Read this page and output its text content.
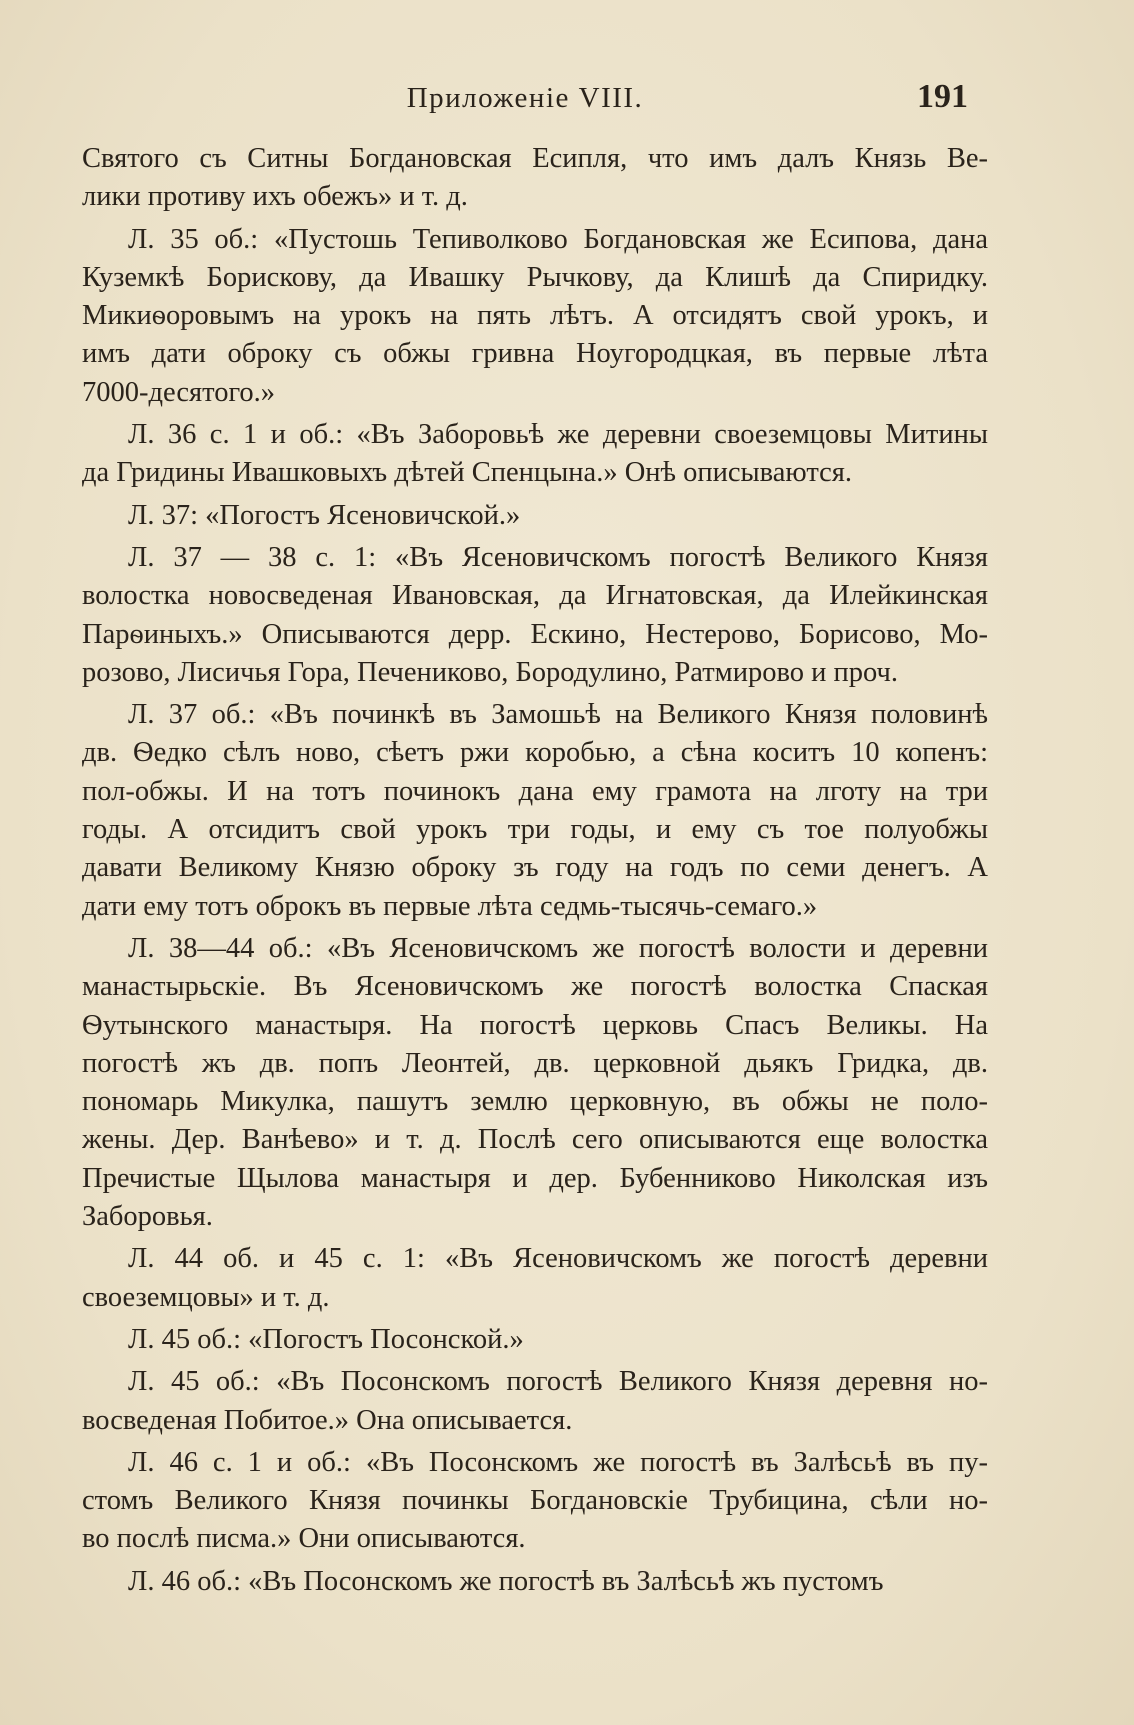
Приложеніе VIII.	191
Святого съ Ситны Богдановская Есипля, что имъ далъ Князь Ве-
лики противу ихъ обежъ» и т. д.
Л. 35 об.: «Пустошь Тепиволково Богдановская же Есипова, дана
Куземкѣ Борискову, да Ивашку Рычкову, да Клишѣ да Спиридку.
Микиѳоровымъ на урокъ на пять лѣтъ. А отсидятъ свой урокъ, и
имъ дати оброку съ обжы гривна Ноугородцкая, въ первые лѣта
7000-десятого.»
Л. 36 с. 1 и об.: «Въ Заборовьѣ же деревни своеземцовы Митины
да Гридины Ивашковыхъ дѣтей Спенцына.» Онѣ описываются.
Л. 37: «Погостъ Ясеновичской.»
Л. 37 — 38 с. 1: «Въ Ясеновичскомъ погостѣ Великого Князя
волостка новосведеная Ивановская, да Игнатовская, да Илейкинская
Парѳиныхъ.» Описываются дерр. Ескино, Нестерово, Борисово, Мо-
розово, Лисичья Гора, Печениково, Бородулино, Ратмирово и проч.
Л. 37 об.: «Въ починкѣ въ Замошьѣ на Великого Князя половинѣ
дв. Ѳедко сѣлъ ново, сѣетъ ржи коробью, а сѣна коситъ 10 копенъ:
пол-обжы. И на тотъ починокъ дана ему грамота на лготу на три
годы. А отсидитъ свой урокъ три годы, и ему съ тое полуобжы
давати Великому Князю оброку зъ году на годъ по семи денегъ. А
дати ему тотъ оброкъ въ первые лѣта седмь-тысячь-семаго.»
Л. 38—44 об.: «Въ Ясеновичскомъ же погостѣ волости и деревни
манастырьскіе. Въ Ясеновичскомъ же погостѣ волостка Спаская
Ѳутынского манастыря. На погостѣ церковь Спасъ Великы. На
погостѣ жъ дв. попъ Леонтей, дв. церковной дьякъ Гридка, дв.
пономарь Микулка, пашутъ землю церковную, въ обжы не поло-
жены. Дер. Ванѣево» и т. д. Послѣ сего описываются еще волостка
Пречистые Щылова манастыря и дер. Бубенниково Николская изъ
Заборовья.
Л. 44 об. и 45 с. 1: «Въ Ясеновичскомъ же погостѣ деревни
своеземцовы» и т. д.
Л. 45 об.: «Погостъ Посонской.»
Л. 45 об.: «Въ Посонскомъ погостѣ Великого Князя деревня но-
восведеная Побитое.» Она описывается.
Л. 46 с. 1 и об.: «Въ Посонскомъ же погостѣ въ Залѣсьѣ въ пу-
стомъ Великого Князя починкы Богдановскіе Трубицина, сѣли но-
во послѣ писма.» Они описываются.
Л. 46 об.: «Въ Посонскомъ же погостѣ въ Залѣсьѣ жъ пустомъ
